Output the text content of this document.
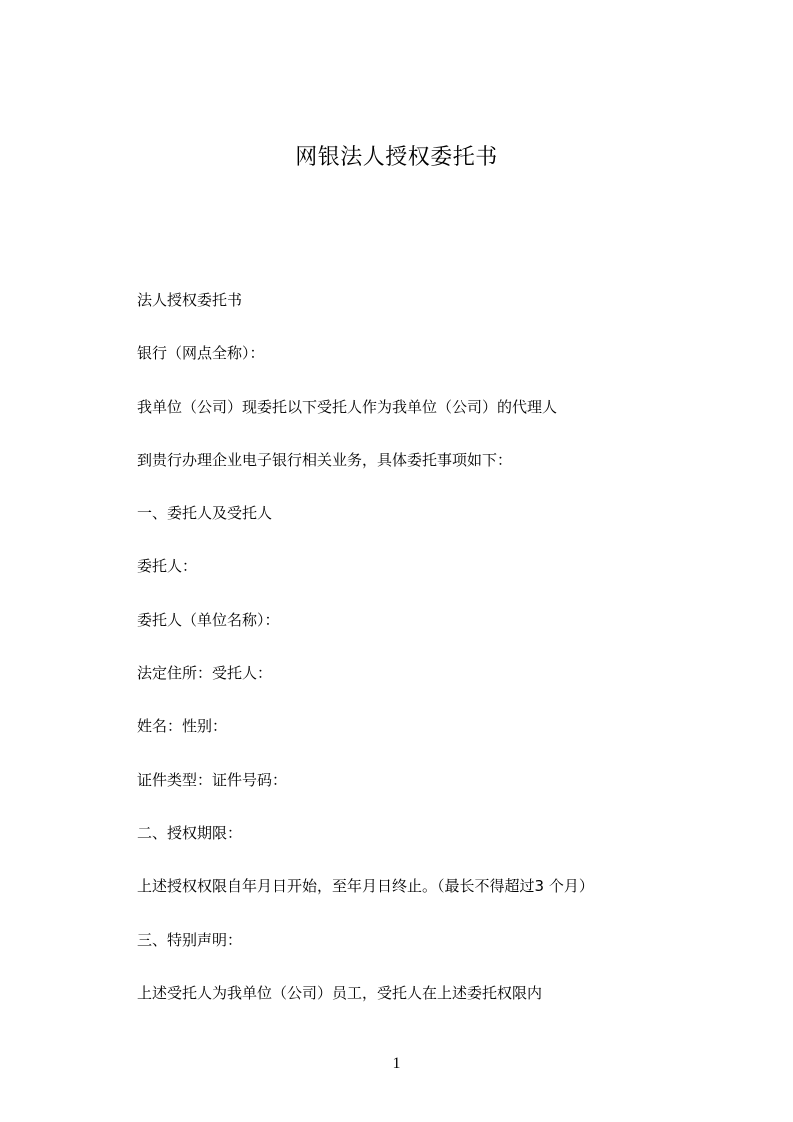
网银法人授权委托书
法人授权委托书
银行（网点全称）：
我单位（公司）现委托以下受托人作为我单位（公司）的代理人
到贵行办理企业电子银行相关业务，具体委托事项如下：
一、委托人及受托人
委托人：
委托人（单位名称）：
法定住所：受托人：
姓名：性别：
证件类型：证件号码：
二、授权期限：
上述授权权限自年月日开始，至年月日终止。（最长不得超过3 个月）
三、特别声明：
上述受托人为我单位（公司）员工，受托人在上述委托权限内
1
